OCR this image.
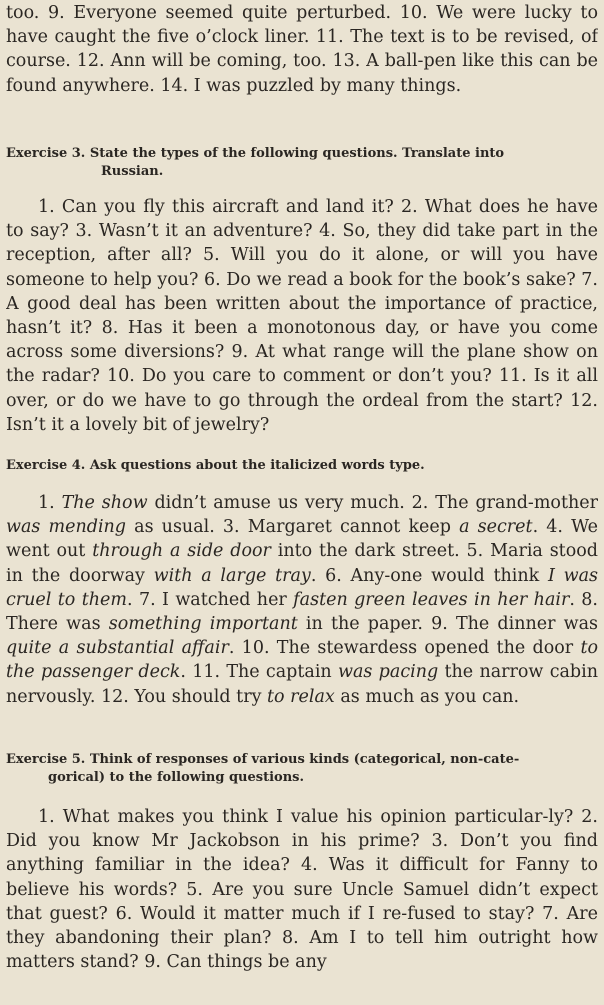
too. 9. Everyone seemed quite perturbed. 10. We were lucky to have caught the five o’clock liner. 11. The text is to be revised, of course. 12. Ann will be coming, too. 13. A ball-pen like this can be found anywhere. 14. I was puzzled by many things.

Exercise 3. State the types of the following questions. Translate into
Russian.

1. Can you fly this aircraft and land it? 2. What does he have to say? 3. Wasn’t it an adventure? 4. So, they did take part in the reception, after all? 5. Will you do it alone, or will you have someone to help you? 6. Do we read a book for the book’s sake? 7. A good deal has been written about the importance of practice, hasn’t it? 8. Has it been a monotonous day, or have you come across some diversions? 9. At what range will the plane show on the radar? 10. Do you care to comment or don’t you? 11. Is it all over, or do we have to go through the ordeal from the start? 12. Isn’t it a lovely bit of jewelry?

Exercise 4. Ask questions about the italicized words type.

1. The show didn’t amuse us very much. 2. The grand-mother was mending as usual. 3. Margaret cannot keep a secret. 4. We went out through a side door into the dark street. 5. Maria stood in the doorway with a large tray. 6. Any-one would think I was cruel to them. 7. I watched her fasten green leaves in her hair. 8. There was something important in the paper. 9. The dinner was quite a substantial affair. 10. The stewardess opened the door to the passenger deck. 11. The captain was pacing the narrow cabin nervously. 12. You should try to relax as much as you can.

Exercise 5. Think of responses of various kinds (categorical, non-cate-
gorical) to the following questions.

1. What makes you think I value his opinion particular-ly? 2. Did you know Mr Jackobson in his prime? 3. Don’t you find anything familiar in the idea? 4. Was it difficult for Fanny to believe his words? 5. Are you sure Uncle Samuel didn’t expect that guest? 6. Would it matter much if I re-fused to stay? 7. Are they abandoning their plan? 8. Am I to tell him outright how matters stand? 9. Can things be any
